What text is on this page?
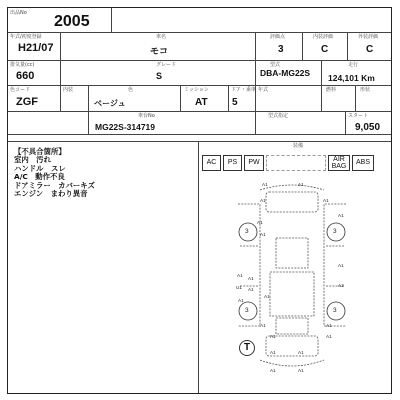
出品No 2005
年式/初度登録
H21/07
車名
モコ
評価点
3
内装評価
C
外装評価
C
排気量(cc)
660
グレード
S
型式
DBA-MG22S
走行
124,101 Km
色コード
ZGF
内装	色
ベージュ
ミッション
AT
ドア・乗車
5
年式	燃料	形状
車台No
MG22S-314719
型式指定	スタート
9,050
【不具合箇所】
室内　汚れ
ハンドル　スレ
A/C　動作不良
ドアミラー　カバーキズ
エンジン　まわり異音
装備
AC	PS	PW	AIR
BAG	ABS
3	3
3	3
A1	A1
A1	A1
A1
A1
A1
A1
A1
U1 A1
A1
A2
A1
A1
A1	A1
A1	A1
A1	A1
A1	A1
T
